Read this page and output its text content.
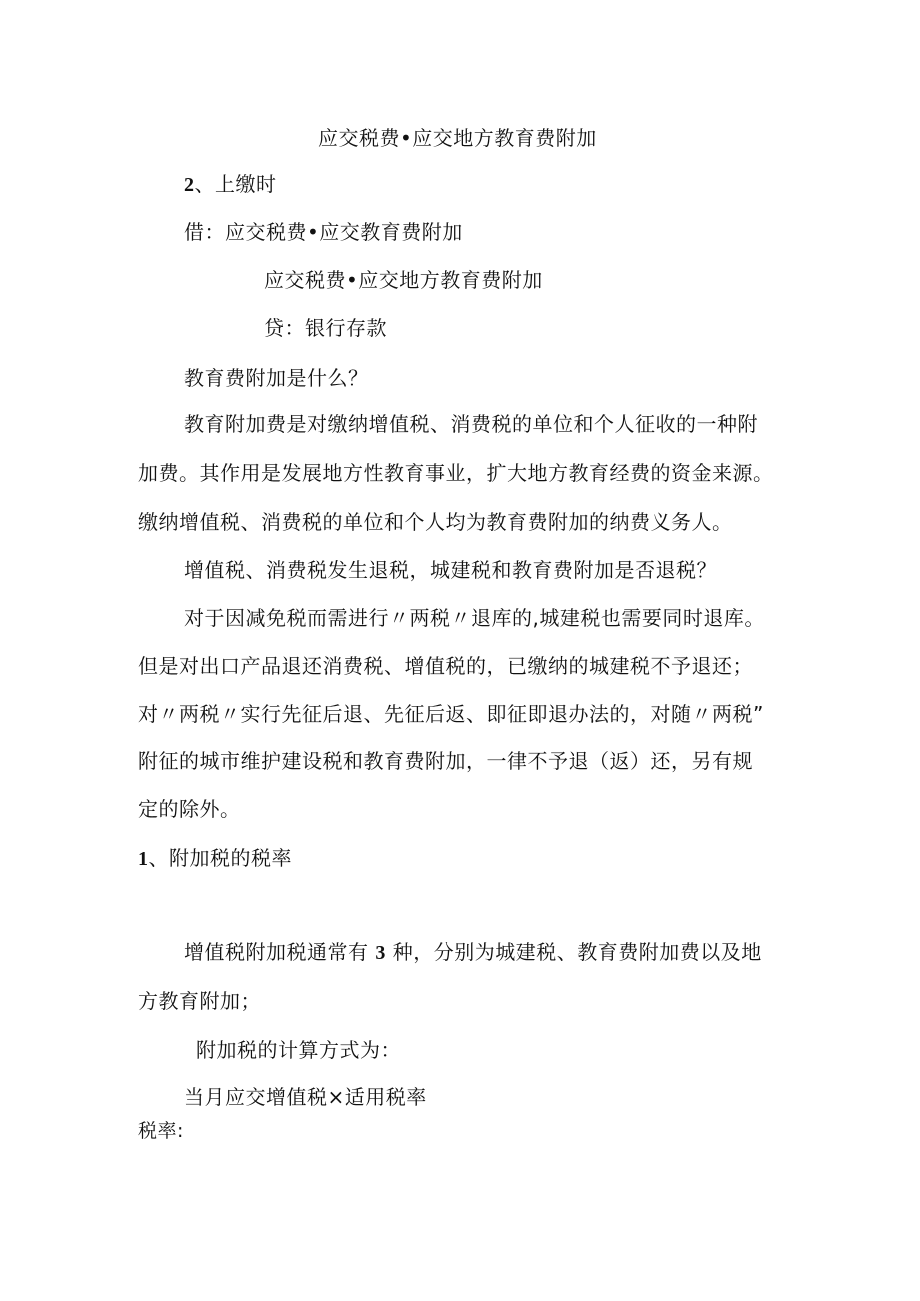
应交税费•应交地方教育费附加
2、上缴时
借：应交税费•应交教育费附加
应交税费•应交地方教育费附加
贷：银行存款
教育费附加是什么？
教育附加费是对缴纳增值税、消费税的单位和个人征收的一种附
加费。其作用是发展地方性教育事业，扩大地方教育经费的资金来源。
缴纳增值税、消费税的单位和个人均为教育费附加的纳费义务人。
增值税、消费税发生退税，城建税和教育费附加是否退税？
对于因减免税而需进行〃两税〃退库的,城建税也需要同时退库。
但是对出口产品退还消费税、增值税的，已缴纳的城建税不予退还；
对〃两税〃实行先征后退、先征后返、即征即退办法的，对随〃两税”
附征的城市维护建设税和教育费附加，一律不予退（返）还，另有规
定的除外。
1、附加税的税率
增值税附加税通常有 3 种，分别为城建税、教育费附加费以及地
方教育附加；
附加税的计算方式为：
当月应交增值税×适用税率
税率:
